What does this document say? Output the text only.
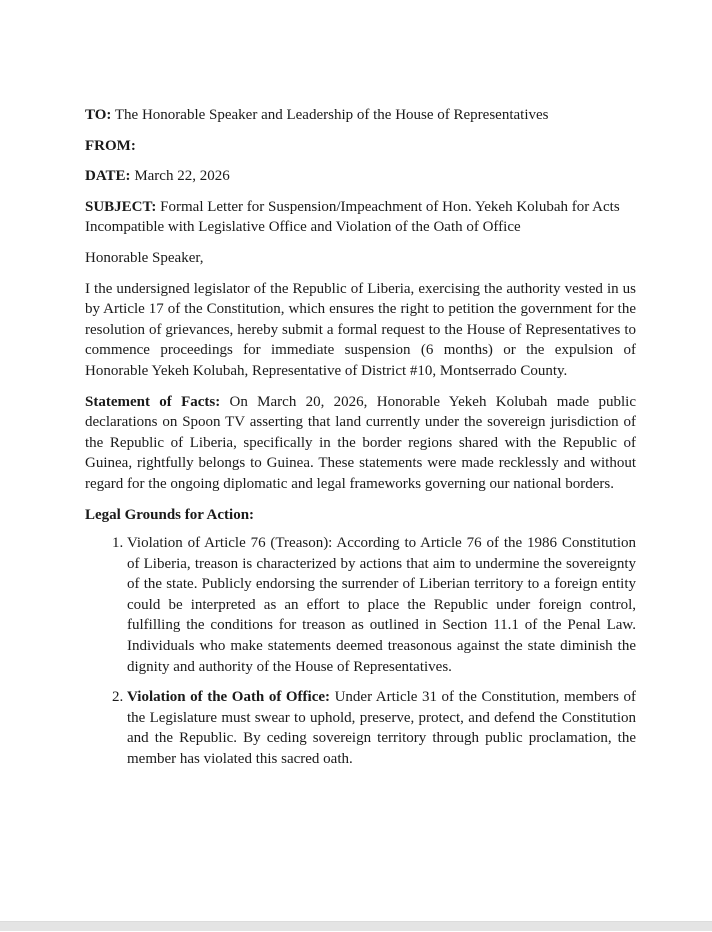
TO: The Honorable Speaker and Leadership of the House of Representatives
FROM:
DATE: March 22, 2026
SUBJECT: Formal Letter for Suspension/Impeachment of Hon. Yekeh Kolubah for Acts Incompatible with Legislative Office and Violation of the Oath of Office
Honorable Speaker,

I the undersigned legislator of the Republic of Liberia, exercising the authority vested in us by Article 17 of the Constitution, which ensures the right to petition the government for the resolution of grievances, hereby submit a formal request to the House of Representatives to commence proceedings for immediate suspension (6 months) or the expulsion of Honorable Yekeh Kolubah, Representative of District #10, Montserrado County.

Statement of Facts: On March 20, 2026, Honorable Yekeh Kolubah made public declarations on Spoon TV asserting that land currently under the sovereign jurisdiction of the Republic of Liberia, specifically in the border regions shared with the Republic of Guinea, rightfully belongs to Guinea. These statements were made recklessly and without regard for the ongoing diplomatic and legal frameworks governing our national borders.

Legal Grounds for Action:
1. Violation of Article 76 (Treason): According to Article 76 of the 1986 Constitution of Liberia, treason is characterized by actions that aim to undermine the sovereignty of the state. Publicly endorsing the surrender of Liberian territory to a foreign entity could be interpreted as an effort to place the Republic under foreign control, fulfilling the conditions for treason as outlined in Section 11.1 of the Penal Law. Individuals who make statements deemed treasonous against the state diminish the dignity and authority of the House of Representatives.
2. Violation of the Oath of Office: Under Article 31 of the Constitution, members of the Legislature must swear to uphold, preserve, protect, and defend the Constitution and the Republic. By ceding sovereign territory through public proclamation, the member has violated this sacred oath.
